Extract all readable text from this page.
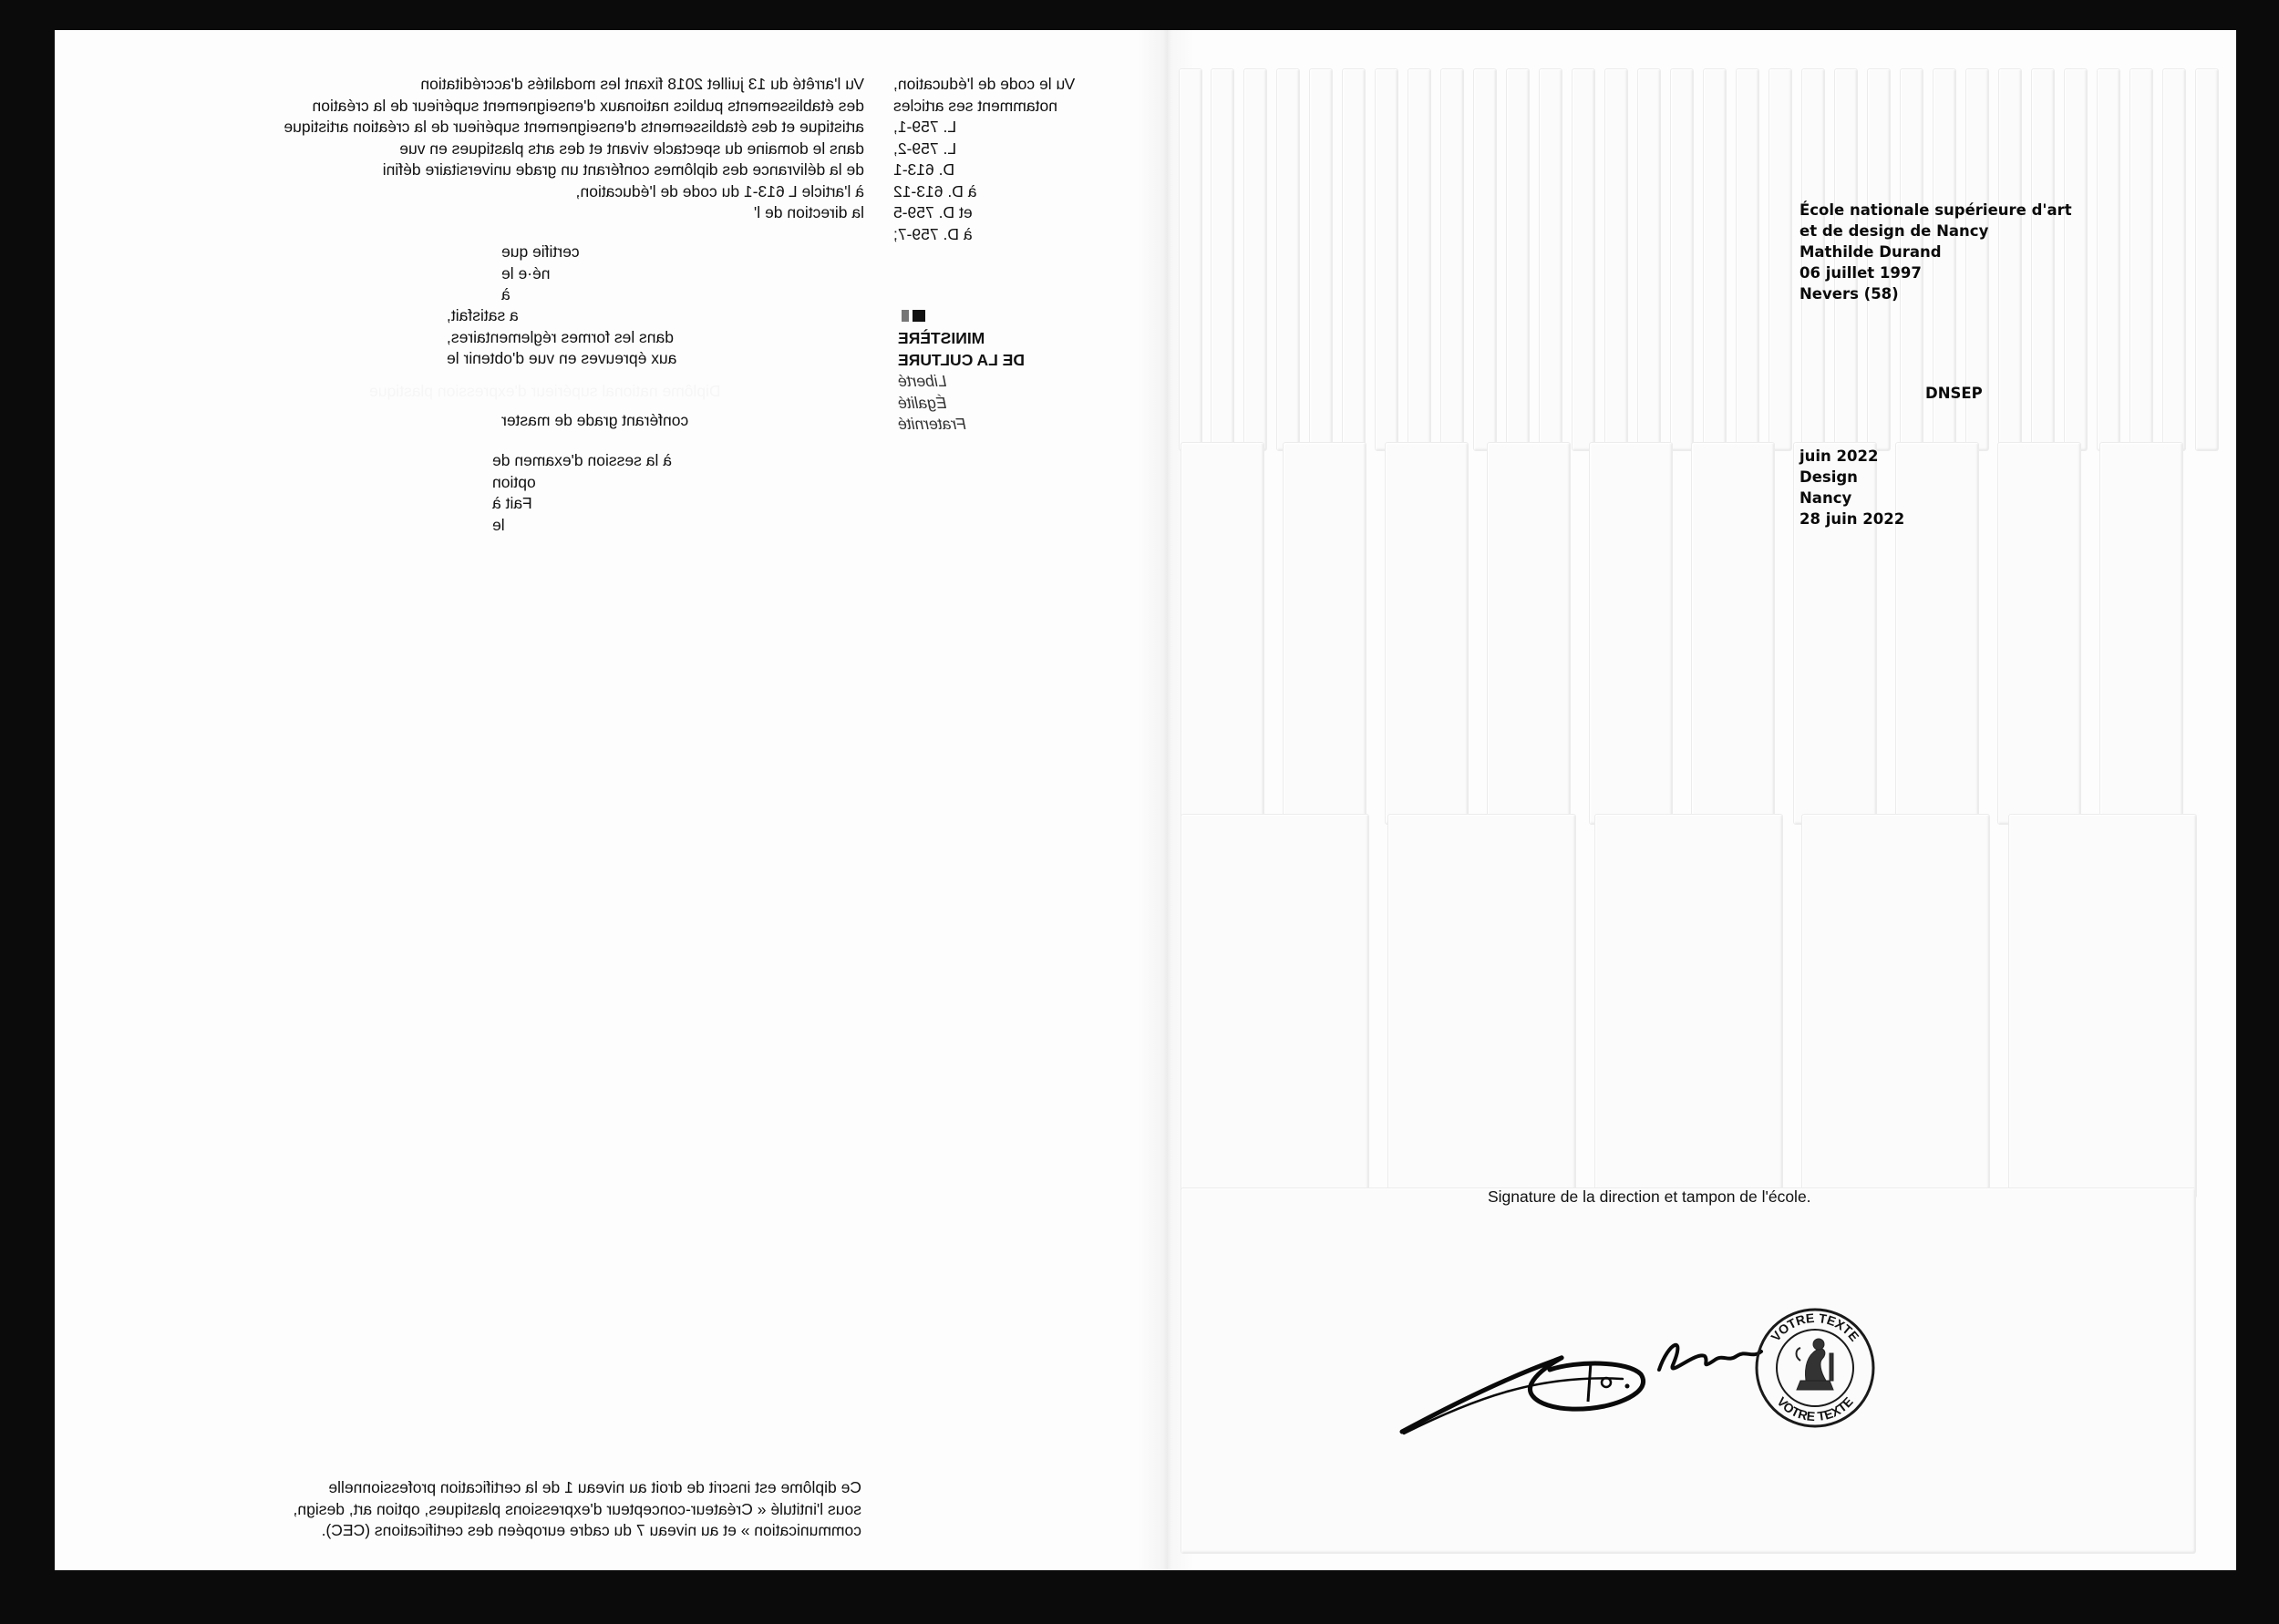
Vu l'arrêté du 13 juillet 2018 fixant les modalités d'accréditation

des établissements publics nationaux d'enseignement supérieur de la création

artistique et des établissements d'enseignement supérieur de la création artistique

dans le domaine du spectacle vivant et des arts plastiques en vue

de la délivrance des diplômes conférant un grade universitaire défini

à l'article L 613-1 du code de l'éducation,

la direction de l'

Vu le code de l'éducation,

notamment ses articles

L. 759-1,

L. 759-2,

D. 613-1

à D. 613-12

et D. 759-5

à D. 759-7;

MINISTÈRE

DE LA CULTURE

Liberté

Égalité

Fraternité

certifie que

né·e le

à

a satisfait,

dans les formes réglementaires,

aux épreuves en vue d'obtenir le

Diplôme national supérieur d'expression plastique

conférant grade de master

à la session d'examen de

option

Fait à

le

Ce diplôme est inscrit de droit au niveau 1 de la certification professionnelle

sous l'intitulé « Créateur-concepteur d'expressions plastiques, option art, design,

communication » et au niveau 7 du cadre européen des certifications (CEC).

École nationale supérieure d'art

et de design de Nancy

Mathilde Durand

06 juillet 1997

Nevers (58)

DNSEP

juin 2022

Design

Nancy

28 juin 2022

Signature de la direction et tampon de l'école.
VOTRE TEXTE
VOTRE TEXTE
